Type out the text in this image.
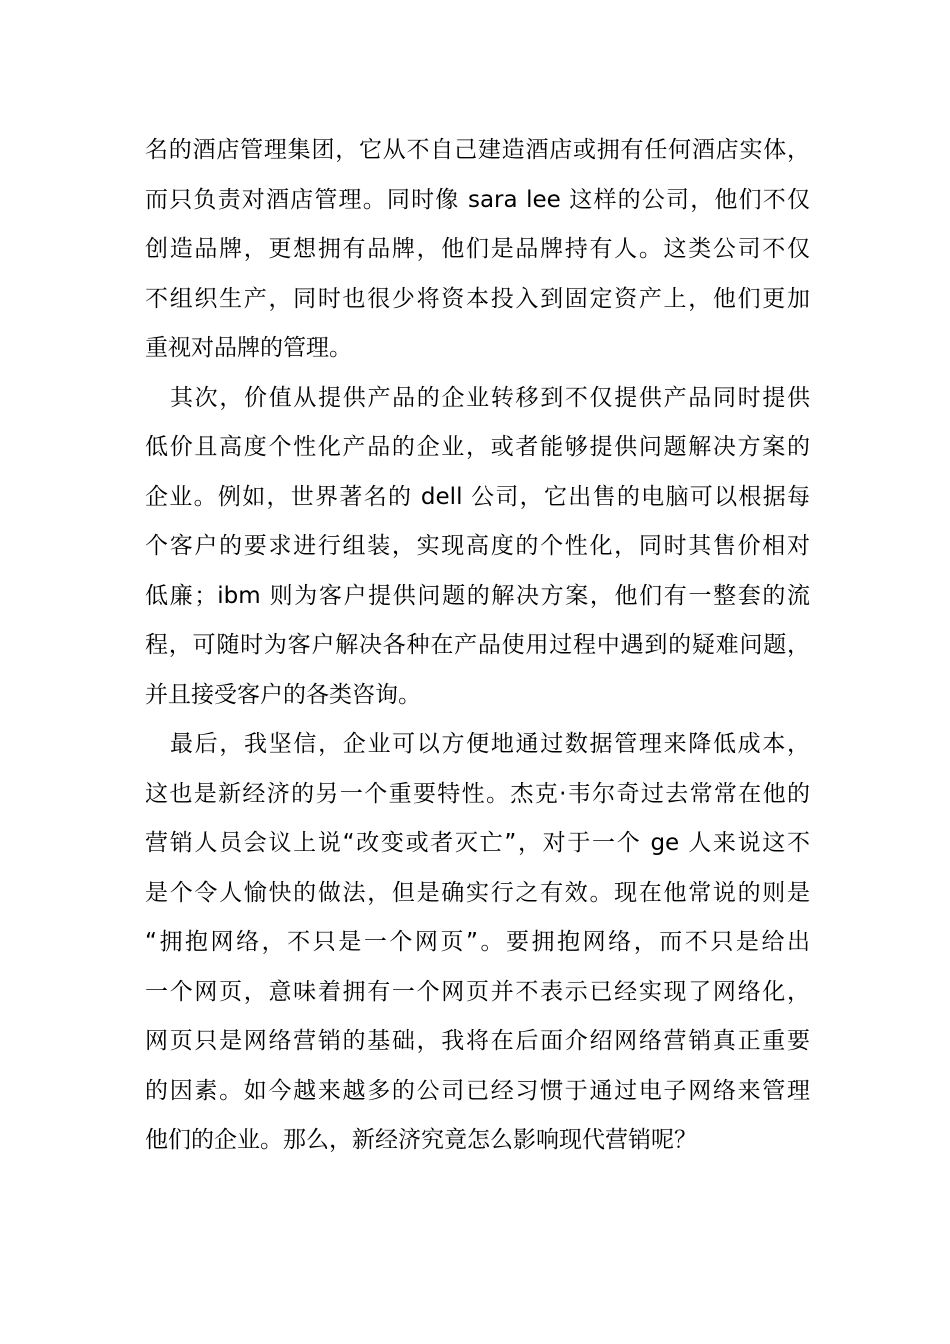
名的酒店管理集团，它从不自己建造酒店或拥有任何酒店实体，
而只负责对酒店管理。同时像 sara lee 这样的公司，他们不仅
创造品牌，更想拥有品牌，他们是品牌持有人。这类公司不仅
不组织生产，同时也很少将资本投入到固定资产上，他们更加
重视对品牌的管理。
其次，价值从提供产品的企业转移到不仅提供产品同时提供
低价且高度个性化产品的企业，或者能够提供问题解决方案的
企业。例如，世界著名的 dell 公司，它出售的电脑可以根据每
个客户的要求进行组装，实现高度的个性化，同时其售价相对
低廉；ibm 则为客户提供问题的解决方案，他们有一整套的流
程，可随时为客户解决各种在产品使用过程中遇到的疑难问题，
并且接受客户的各类咨询。
最后，我坚信，企业可以方便地通过数据管理来降低成本，
这也是新经济的另一个重要特性。杰克·韦尔奇过去常常在他的
营销人员会议上说“改变或者灭亡”，对于一个 ge 人来说这不
是个令人愉快的做法，但是确实行之有效。现在他常说的则是
“拥抱网络，不只是一个网页”。要拥抱网络，而不只是给出
一个网页，意味着拥有一个网页并不表示已经实现了网络化，
网页只是网络营销的基础，我将在后面介绍网络营销真正重要
的因素。如今越来越多的公司已经习惯于通过电子网络来管理
他们的企业。那么，新经济究竟怎么影响现代营销呢？
